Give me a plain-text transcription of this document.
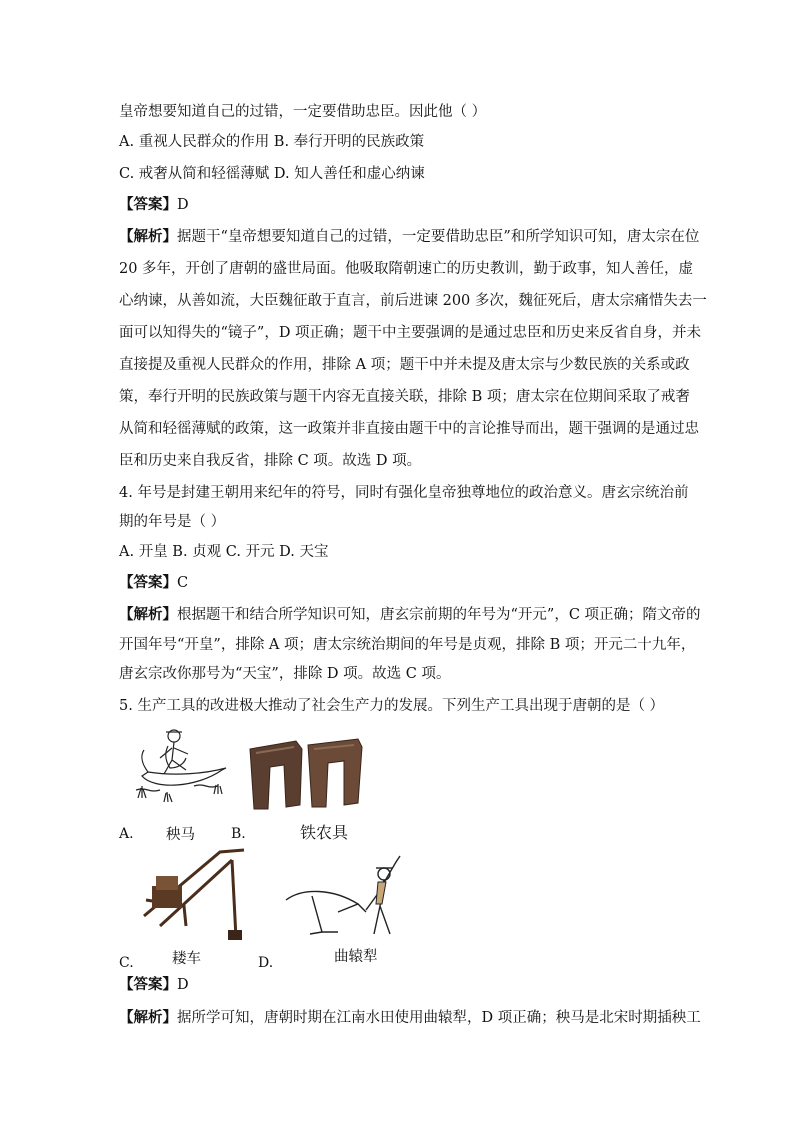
皇帝想要知道自己的过错，一定要借助忠臣。因此他（ ）
A. 重视人民群众的作用 B. 奉行开明的民族政策
C. 戒奢从简和轻徭薄赋 D. 知人善任和虚心纳谏
【答案】D
【解析】据题干“皇帝想要知道自己的过错，一定要借助忠臣”和所学知识可知，唐太宗在位
20 多年，开创了唐朝的盛世局面。他吸取隋朝速亡的历史教训，勤于政事，知人善任，虚
心纳谏，从善如流，大臣魏征敢于直言，前后进谏 200 多次，魏征死后，唐太宗痛惜失去一
面可以知得失的“镜子”，D 项正确；题干中主要强调的是通过忠臣和历史来反省自身，并未
直接提及重视人民群众的作用，排除 A 项；题干中并未提及唐太宗与少数民族的关系或政
策，奉行开明的民族政策与题干内容无直接关联，排除 B 项；唐太宗在位期间采取了戒奢
从简和轻徭薄赋的政策，这一政策并非直接由题干中的言论推导而出，题干强调的是通过忠
臣和历史来自我反省，排除 C 项。故选 D 项。
4. 年号是封建王朝用来纪年的符号，同时有强化皇帝独尊地位的政治意义。唐玄宗统治前
期的年号是（ ）
A. 开皇 B. 贞观 C. 开元 D. 天宝
【答案】C
【解析】根据题干和结合所学知识可知，唐玄宗前期的年号为“开元”，C 项正确；隋文帝的
开国年号“开皇”，排除 A 项；唐太宗统治期间的年号是贞观，排除 B 项；开元二十九年，
唐玄宗改你那号为“天宝”，排除 D 项。故选 C 项。
5. 生产工具的改进极大推动了社会生产力的发展。下列生产工具出现于唐朝的是（ ）
A. 秧马	B.	铁农具
C.	耧车	D.	曲辕犁
【答案】D
【解析】据所学可知，唐朝时期在江南水田使用曲辕犁，D 项正确；秧马是北宋时期插秧工
